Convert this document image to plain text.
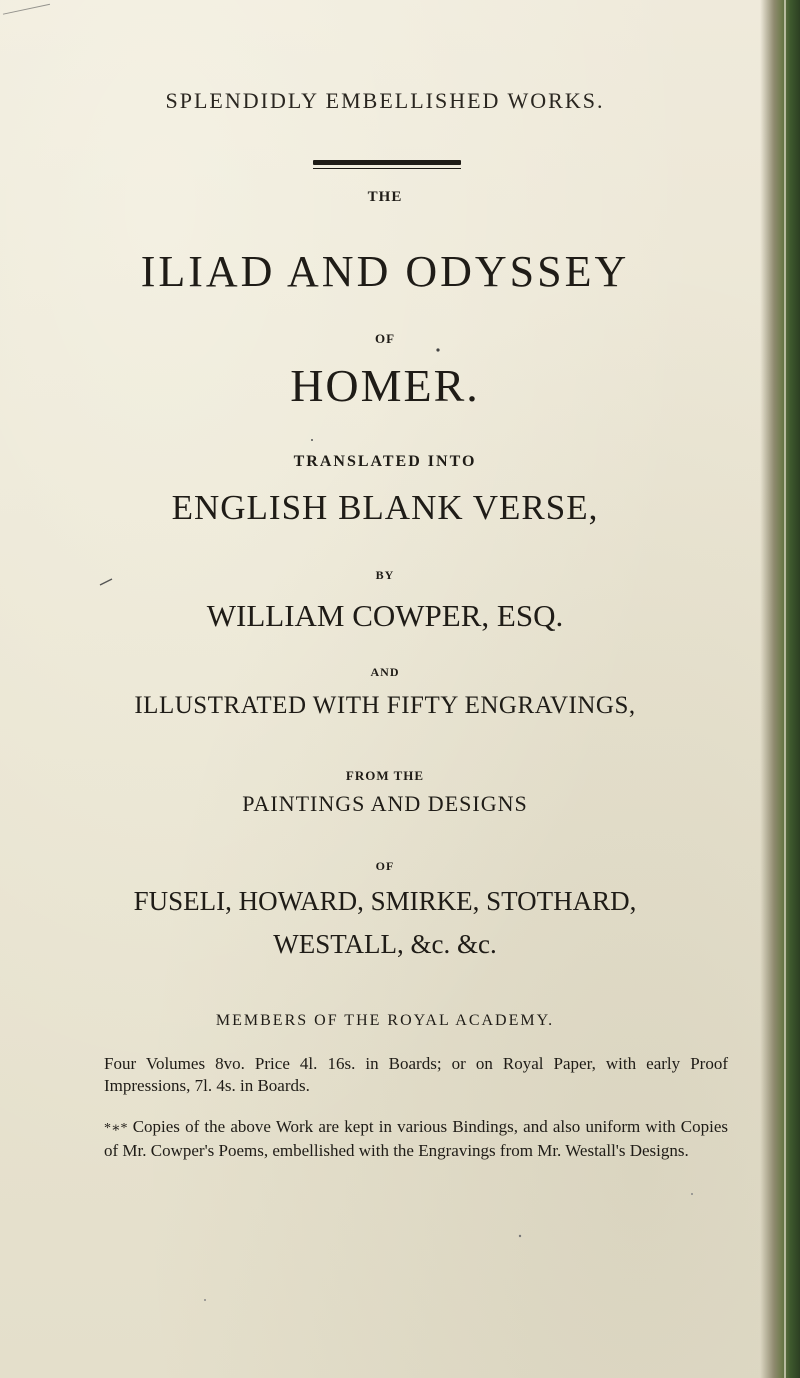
SPLENDIDLY EMBELLISHED WORKS.
THE
ILIAD AND ODYSSEY
OF
HOMER.
TRANSLATED INTO
ENGLISH BLANK VERSE,
BY
WILLIAM COWPER, ESQ.
AND
ILLUSTRATED WITH FIFTY ENGRAVINGS,
FROM THE
PAINTINGS AND DESIGNS
OF
FUSELI, HOWARD, SMIRKE, STOTHARD,
WESTALL, &c. &c.
MEMBERS OF THE ROYAL ACADEMY.
Four Volumes 8vo. Price 4l. 16s. in Boards; or on Royal Paper, with early Proof Impressions, 7l. 4s. in Boards.
*∗* Copies of the above Work are kept in various Bindings, and also uniform with Copies of Mr. Cowper's Poems, embellished with the Engravings from Mr. Westall's Designs.
